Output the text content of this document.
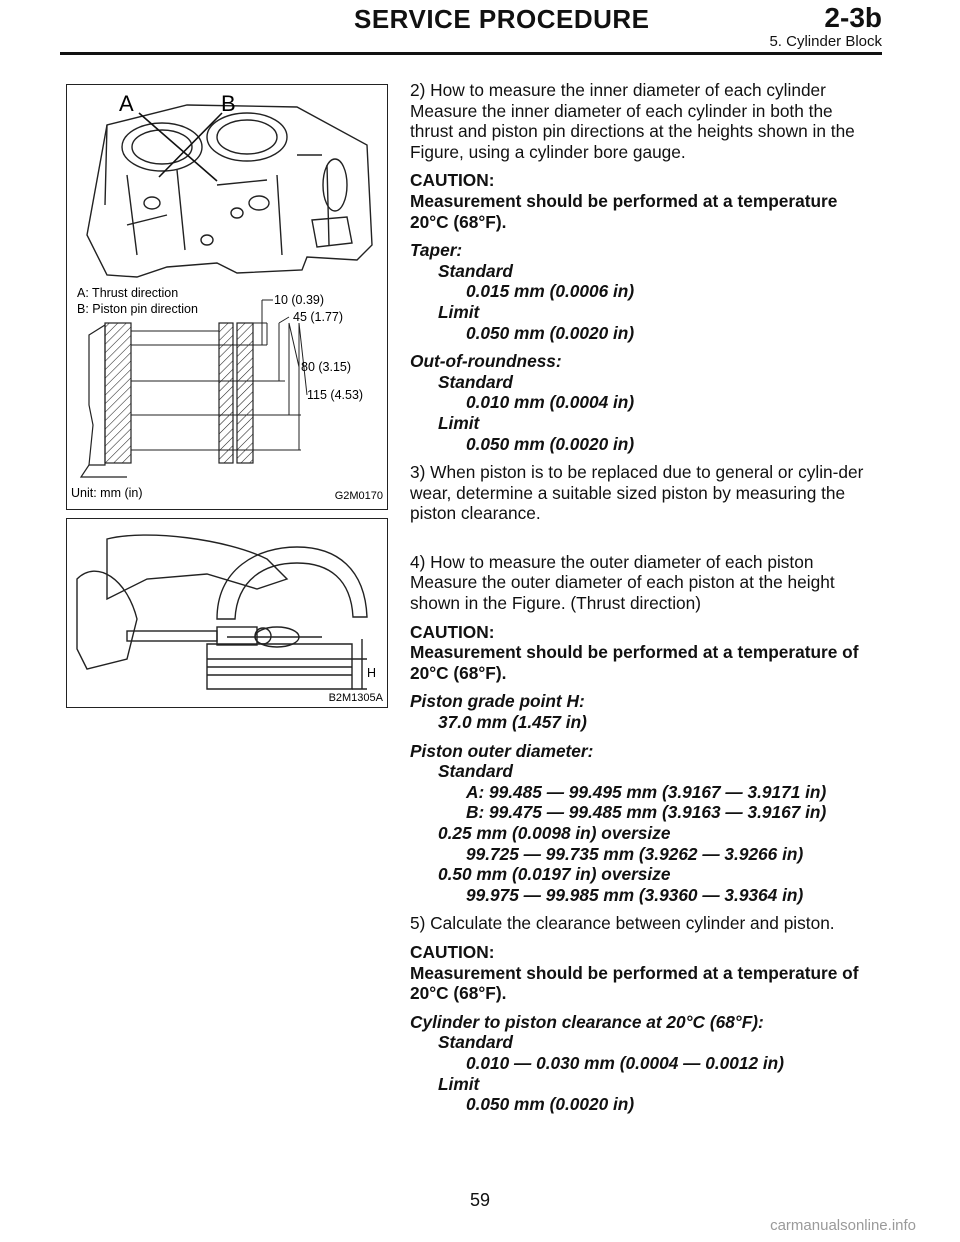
SERVICE PROCEDURE	2-3b
5. Cylinder Block
A	B
A: Thrust direction
B: Piston pin direction
10 (0.39)
45 (1.77)
80 (3.15)
115 (4.53)
Unit: mm (in)	G2M0170
H
B2M1305A

2) How to measure the inner diameter of each cylinder
Measure the inner diameter of each cylinder in both the thrust and piston pin directions at the heights shown in the Figure, using a cylinder bore gauge.

CAUTION:

Measurement should be performed at a temperature 20°C (68°F).

Taper:
Standard
0.015 mm (0.0006 in)
Limit
0.050 mm (0.0020 in)
Out-of-roundness:
Standard
0.010 mm (0.0004 in)
Limit
0.050 mm (0.0020 in)

3) When piston is to be replaced due to general or cylin-der wear, determine a suitable sized piston by measuring the piston clearance.

4) How to measure the outer diameter of each piston
Measure the outer diameter of each piston at the height shown in the Figure. (Thrust direction)

CAUTION:

Measurement should be performed at a temperature of 20°C (68°F).

Piston grade point H:
37.0 mm (1.457 in)
Piston outer diameter:
Standard
A: 99.485 — 99.495 mm (3.9167 — 3.9171 in)
B: 99.475 — 99.485 mm (3.9163 — 3.9167 in)
0.25 mm (0.0098 in) oversize
99.725 — 99.735 mm (3.9262 — 3.9266 in)
0.50 mm (0.0197 in) oversize
99.975 — 99.985 mm (3.9360 — 3.9364 in)

5) Calculate the clearance between cylinder and piston.

CAUTION:

Measurement should be performed at a temperature of 20°C (68°F).

Cylinder to piston clearance at 20°C (68°F):
Standard
0.010 — 0.030 mm (0.0004 — 0.0012 in)
Limit
0.050 mm (0.0020 in)
59
carmanualsonline.info
